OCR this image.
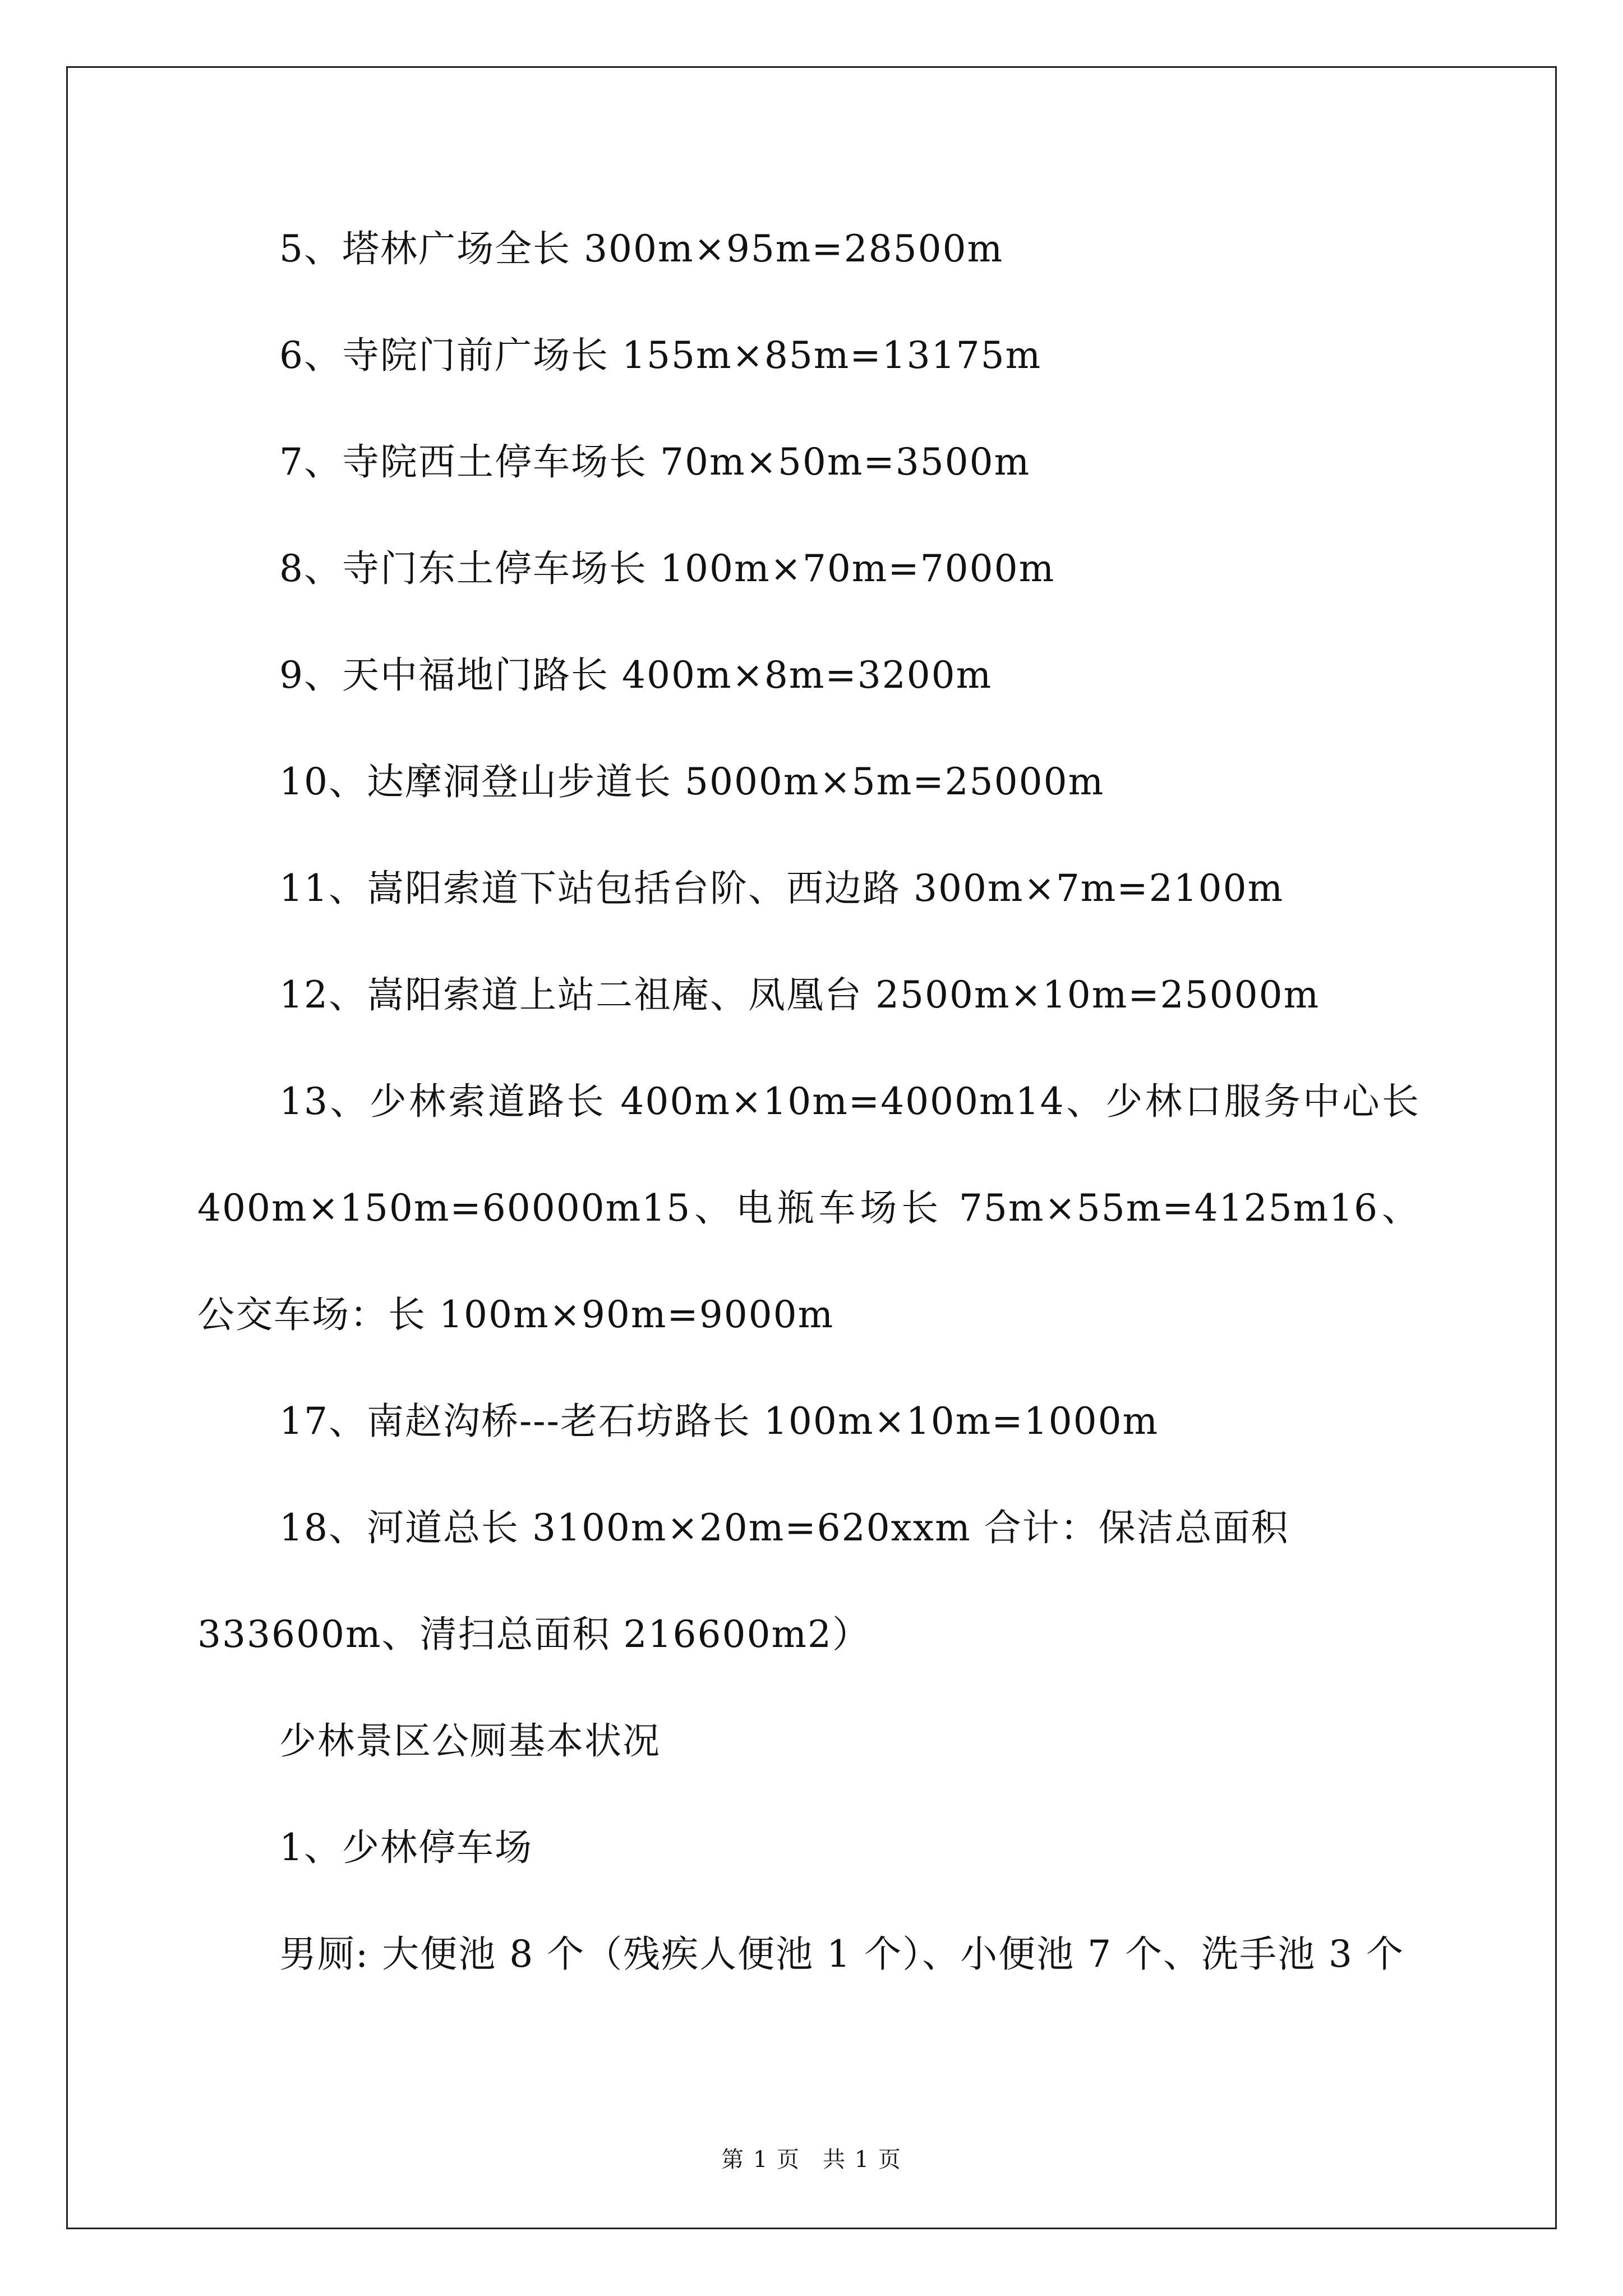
5、塔林广场全长 300m×95m=28500m

6、寺院门前广场长 155m×85m=13175m

7、寺院西土停车场长 70m×50m=3500m

8、寺门东土停车场长 100m×70m=7000m

9、天中福地门路长 400m×8m=3200m

10、达摩洞登山步道长 5000m×5m=25000m

11、嵩阳索道下站包括台阶、西边路 300m×7m=2100m

12、嵩阳索道上站二祖庵、凤凰台 2500m×10m=25000m

13、少林索道路长 400m×10m=4000m14、少林口服务中心长 400m×150m=60000m15、电瓶车场长 75m×55m=4125m16、公交车场：长 100m×90m=9000m

17、南赵沟桥---老石坊路长 100m×10m=1000m

18、河道总长 3100m×20m=620xxm 合计：保洁总面积 333600m、清扫总面积 216600m2）

少林景区公厕基本状况

1、少林停车场

男厕: 大便池 8 个（残疾人便池 1 个）、小便池 7 个、洗手池 3 个

第 1 页 共 1 页
